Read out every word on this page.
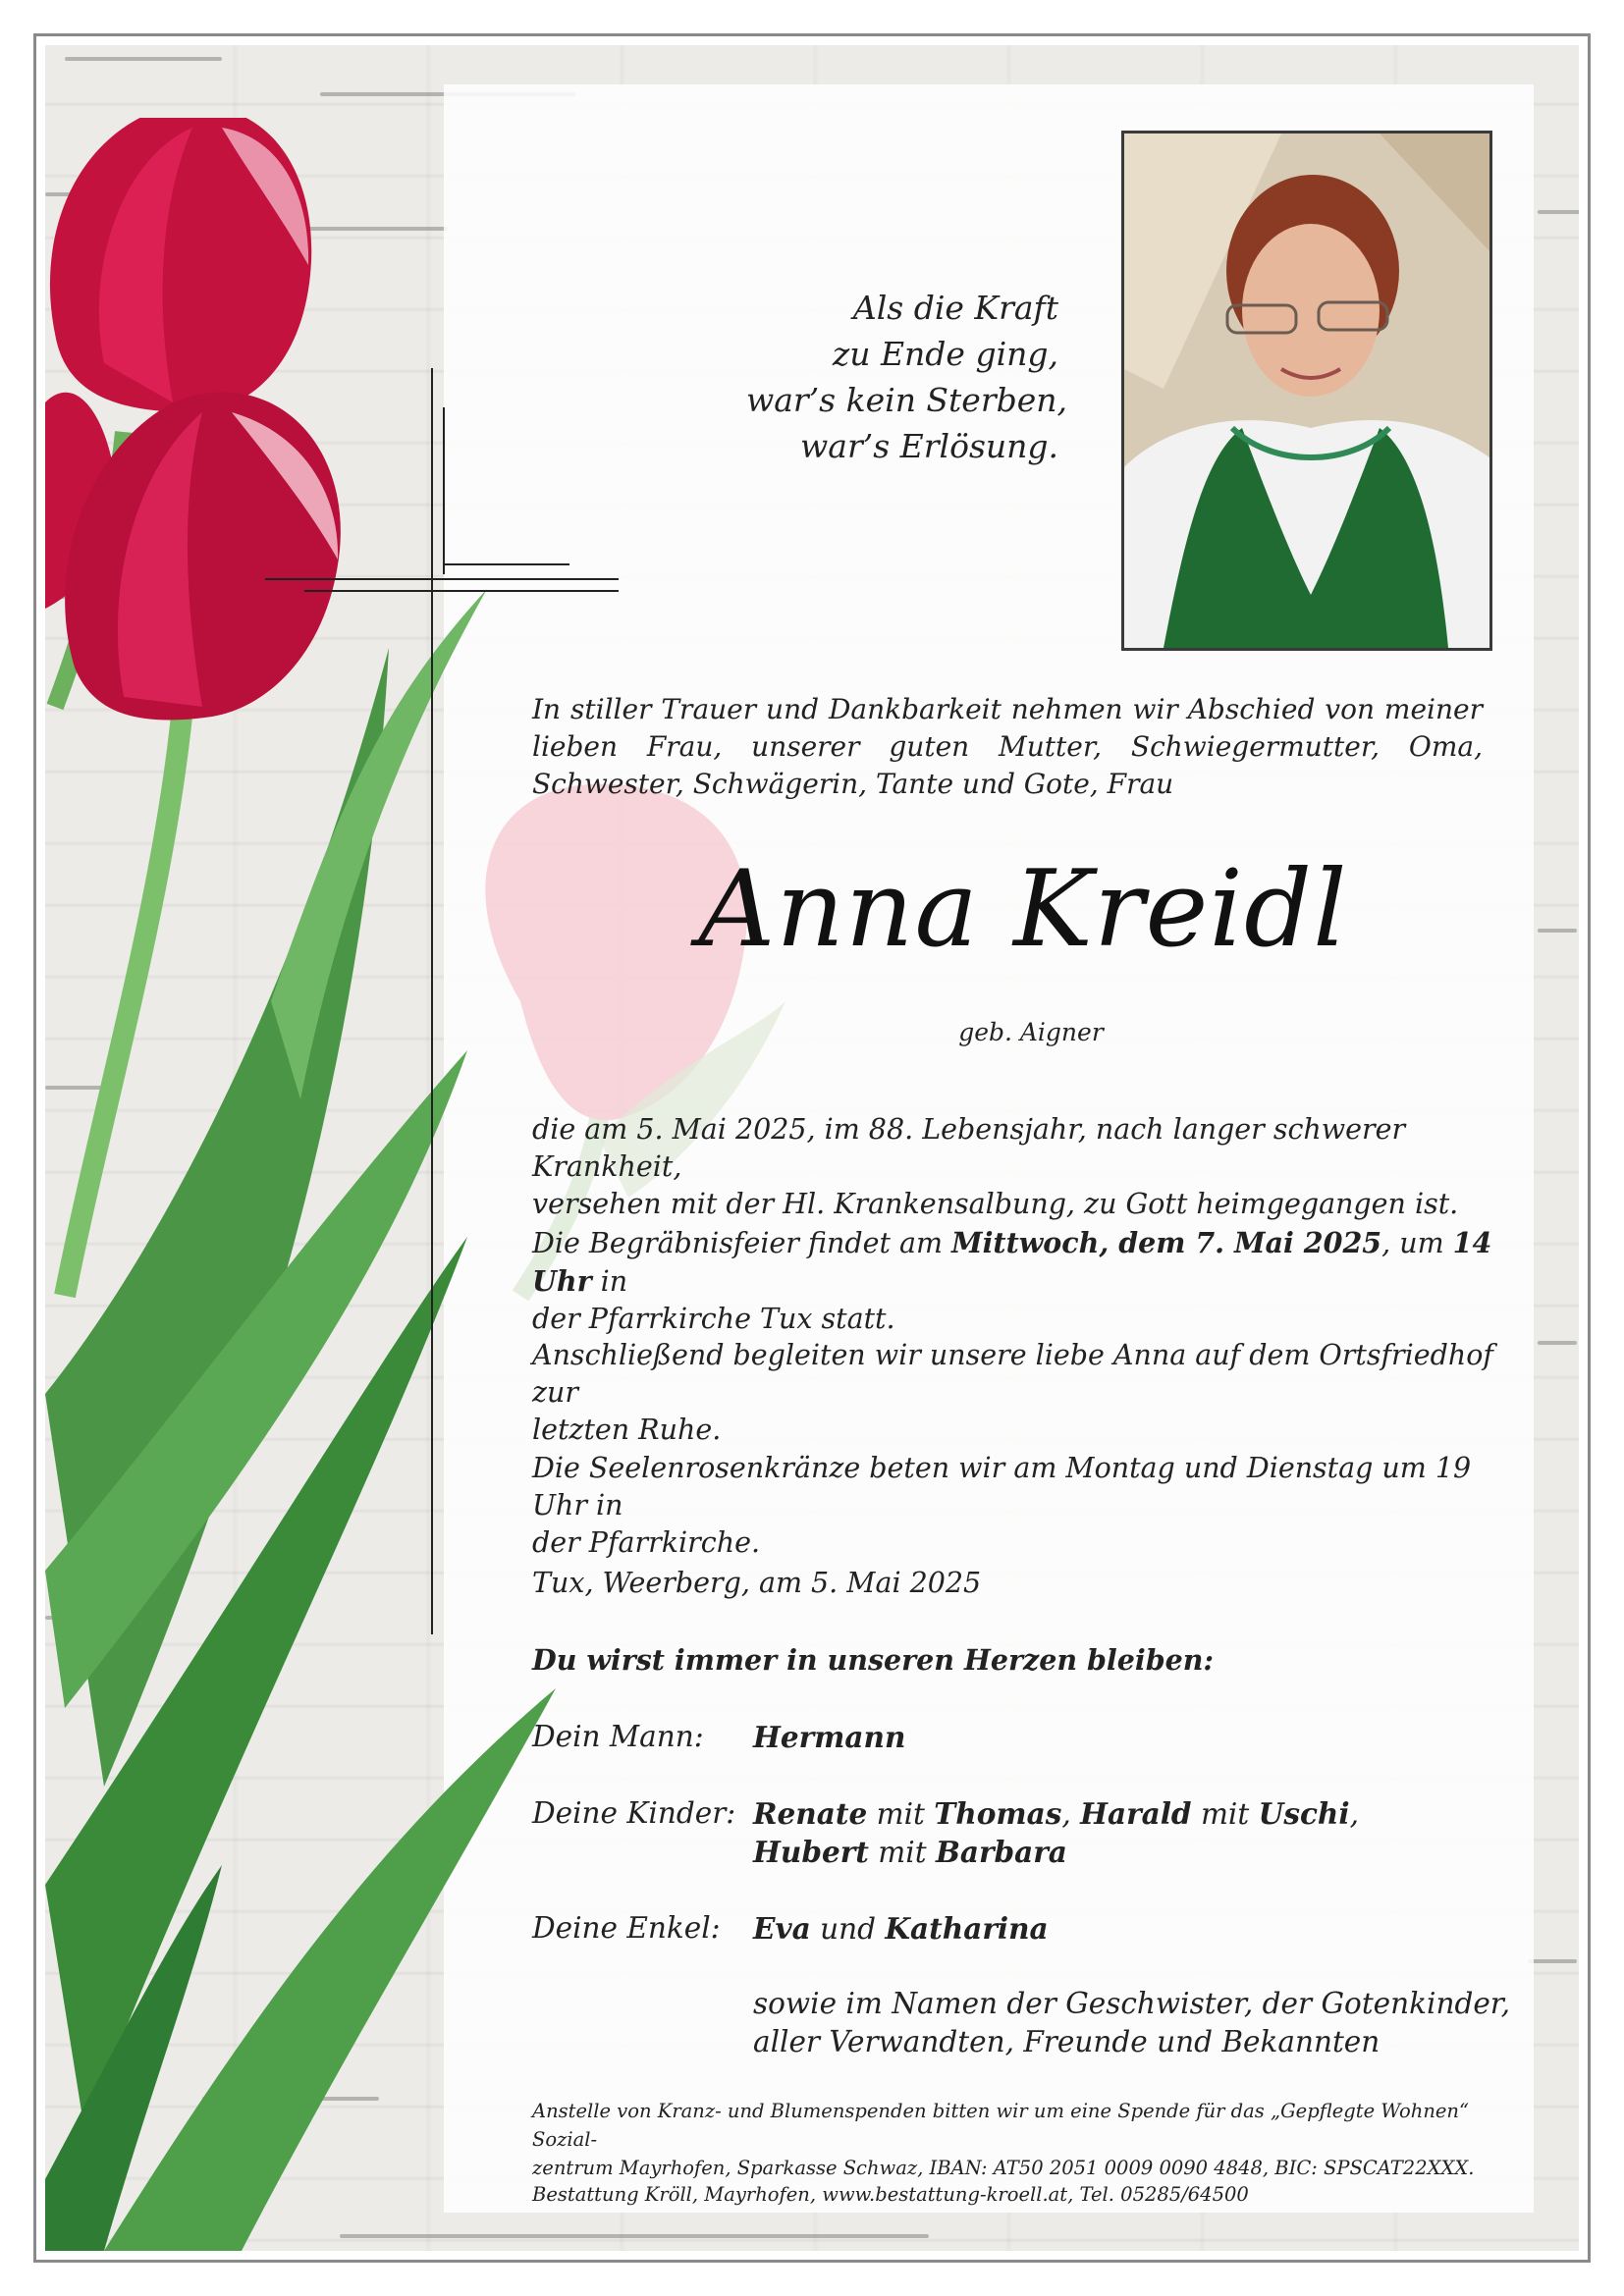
Als die Kraft
zu Ende ging,
war’s kein Sterben,
war’s Erlösung.
In stiller Trauer und Dankbarkeit nehmen wir Abschied von meiner lieben Frau, unserer guten Mutter, Schwiegermutter, Oma, Schwester, Schwägerin, Tante und Gote, Frau
Anna Kreidl
geb. Aigner
die am 5. Mai 2025, im 88. Lebensjahr, nach langer schwerer Krankheit,
versehen mit der Hl. Krankensalbung, zu Gott heimgegangen ist.
Die Begräbnisfeier findet am Mittwoch, dem 7. Mai 2025, um 14 Uhr in
der Pfarrkirche Tux statt.
Anschließend begleiten wir unsere liebe Anna auf dem Ortsfriedhof zur
letzten Ruhe.
Die Seelenrosenkränze beten wir am Montag und Dienstag um 19 Uhr in
der Pfarrkirche.
Tux, Weerberg, am 5. Mai 2025
Du wirst immer in unseren Herzen bleiben:
Dein Mann: Hermann
Deine Kinder: Renate mit Thomas, Harald mit Uschi,
Hubert mit Barbara
Deine Enkel: Eva und Katharina
sowie im Namen der Geschwister, der Gotenkinder,
aller Verwandten, Freunde und Bekannten
Anstelle von Kranz- und Blumenspenden bitten wir um eine Spende für das „Gepflegte Wohnen“ Sozial-
zentrum Mayrhofen, Sparkasse Schwaz, IBAN: AT50 2051 0009 0090 4848, BIC: SPSCAT22XXX.
Bestattung Kröll, Mayrhofen, www.bestattung-kroell.at, Tel. 05285/64500
